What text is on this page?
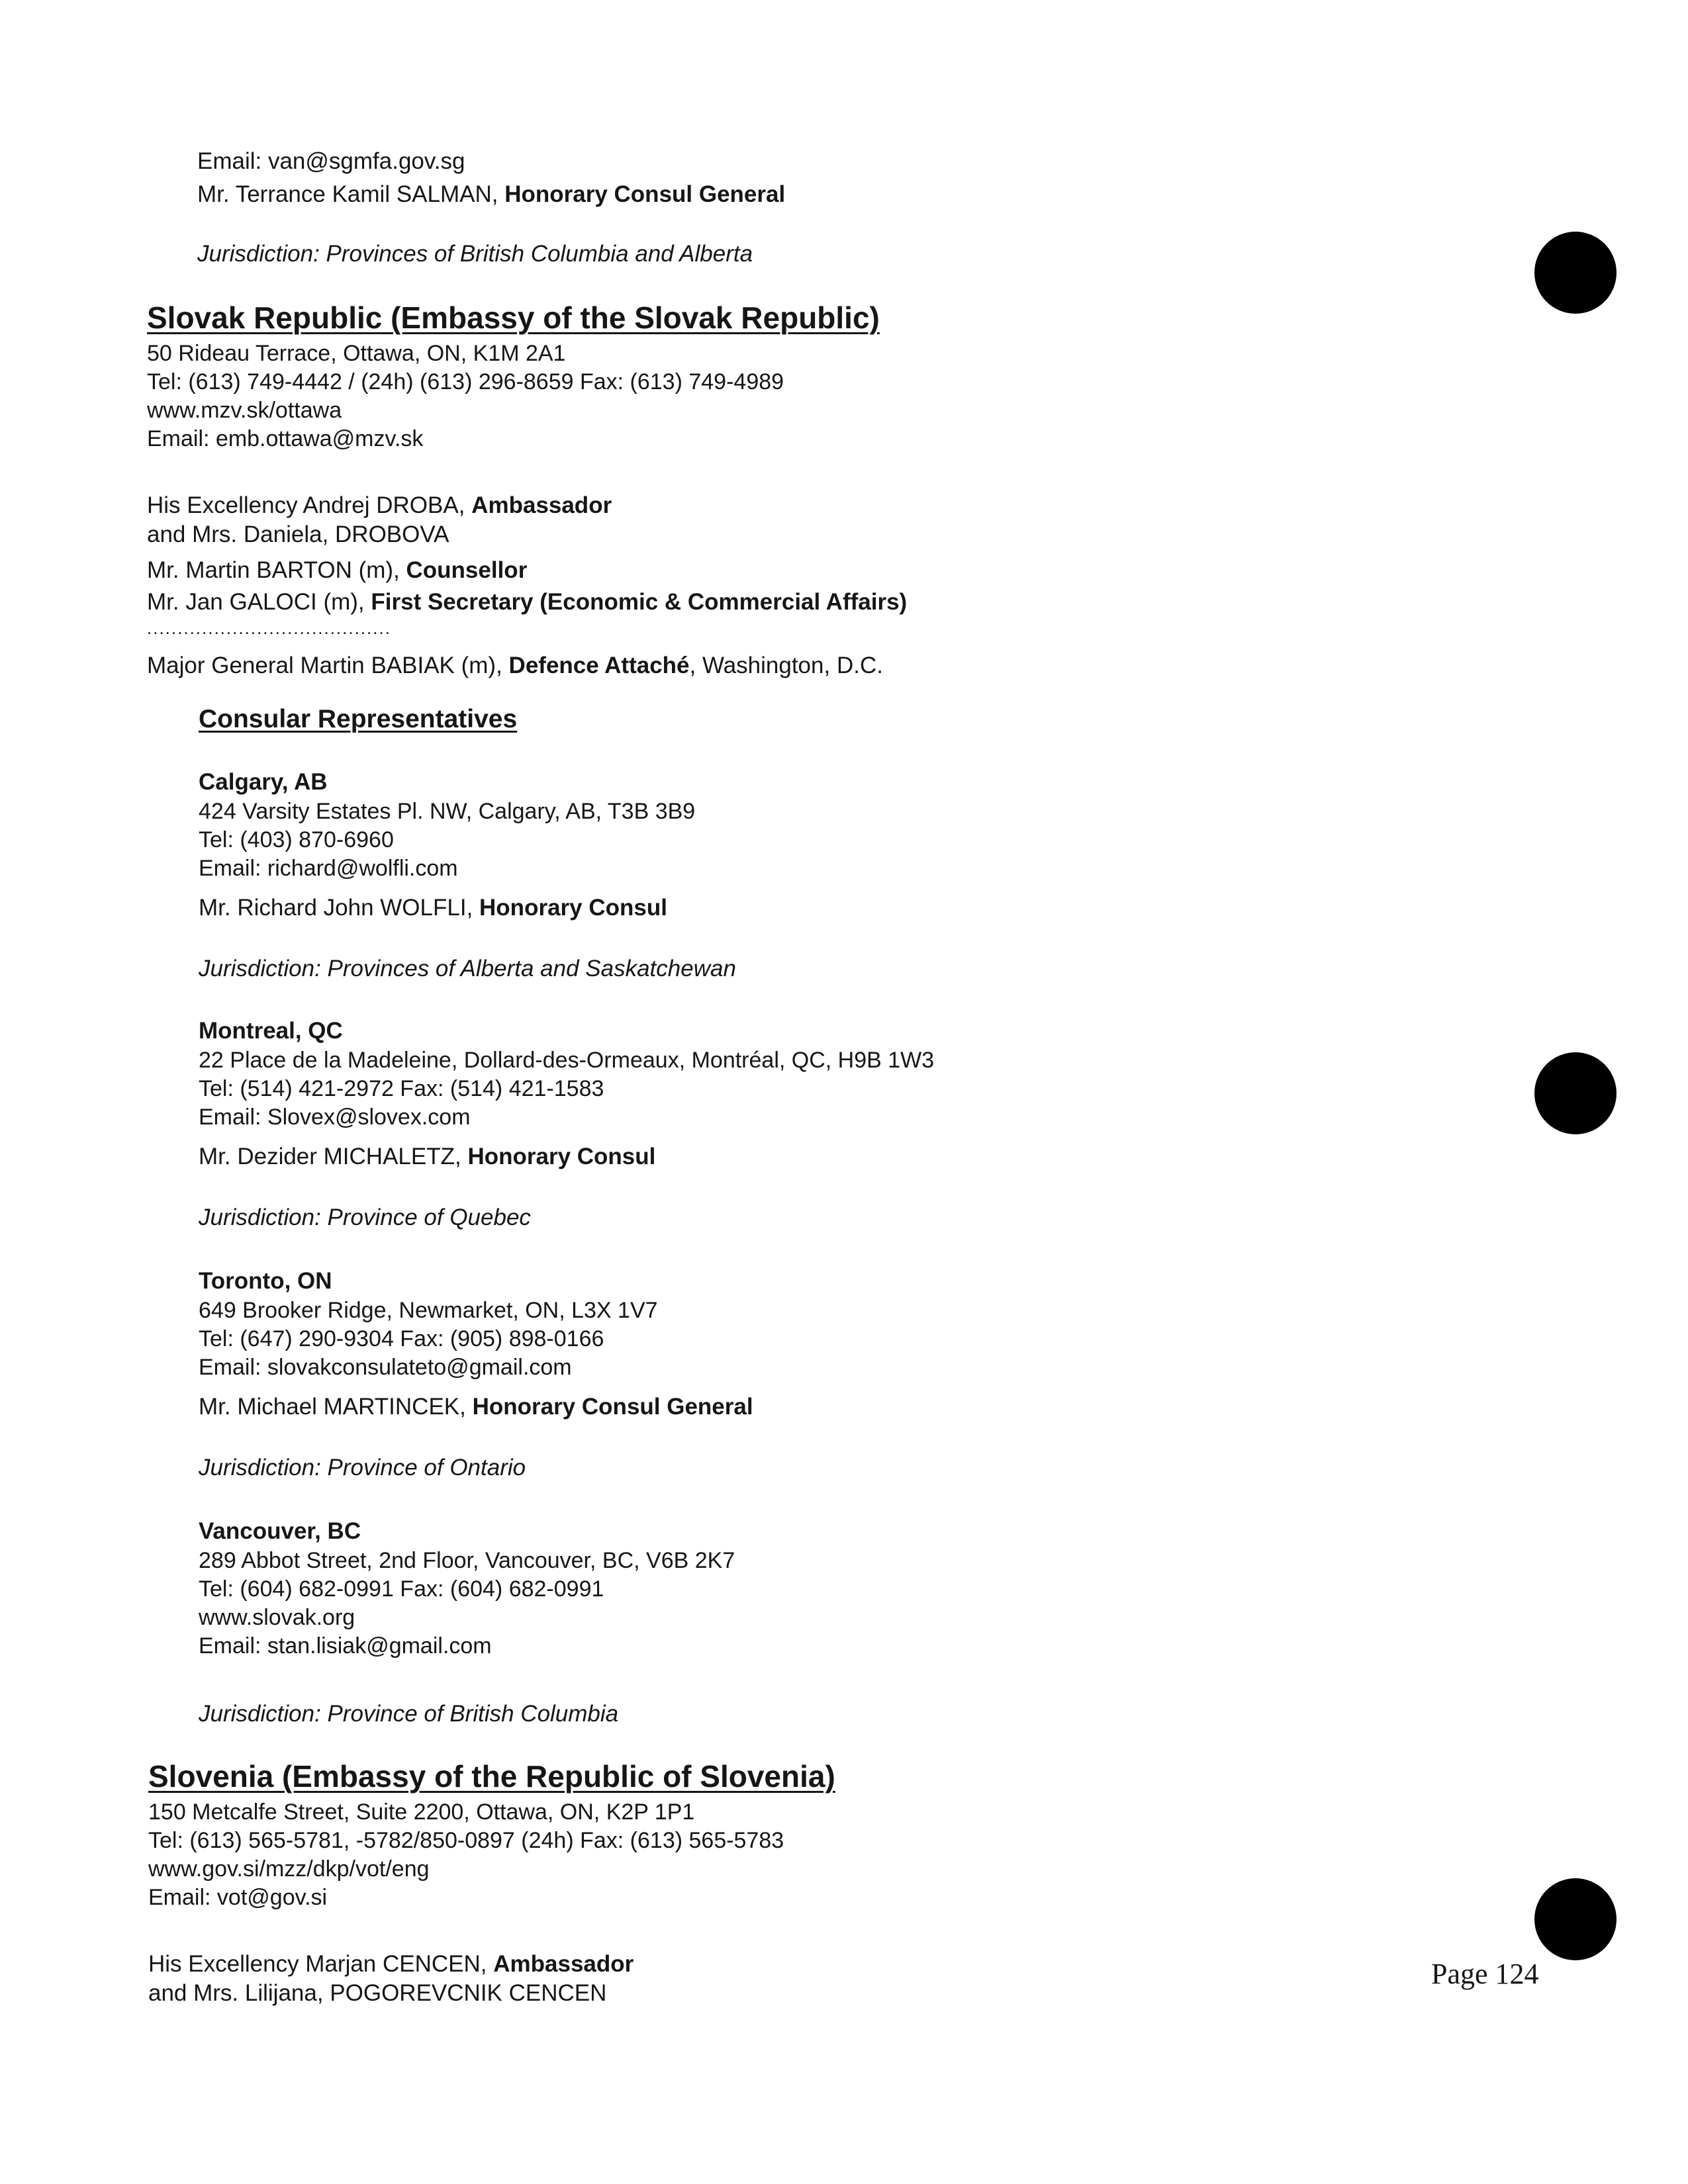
Email: van@sgmfa.gov.sg
Mr. Terrance Kamil SALMAN, Honorary Consul General
Jurisdiction: Provinces of British Columbia and Alberta
Slovak Republic (Embassy of the Slovak Republic)
50 Rideau Terrace, Ottawa, ON, K1M 2A1
Tel: (613) 749-4442 / (24h) (613) 296-8659 Fax: (613) 749-4989
www.mzv.sk/ottawa
Email: emb.ottawa@mzv.sk
His Excellency Andrej DROBA, Ambassador
and Mrs. Daniela, DROBOVA
Mr. Martin BARTON (m), Counsellor
Mr. Jan GALOCI (m), First Secretary (Economic & Commercial Affairs)
........................................
Major General Martin BABIAK (m), Defence Attaché, Washington, D.C.
Consular Representatives
Calgary, AB
424 Varsity Estates Pl. NW, Calgary, AB, T3B 3B9
Tel: (403) 870-6960
Email: richard@wolfli.com
Mr. Richard John WOLFLI, Honorary Consul
Jurisdiction: Provinces of Alberta and Saskatchewan
Montreal, QC
22 Place de la Madeleine, Dollard-des-Ormeaux, Montréal, QC, H9B 1W3
Tel: (514) 421-2972 Fax: (514) 421-1583
Email: Slovex@slovex.com
Mr. Dezider MICHALETZ, Honorary Consul
Jurisdiction: Province of Quebec
Toronto, ON
649 Brooker Ridge, Newmarket, ON, L3X 1V7
Tel: (647) 290-9304 Fax: (905) 898-0166
Email: slovakconsulateto@gmail.com
Mr. Michael MARTINCEK, Honorary Consul General
Jurisdiction: Province of Ontario
Vancouver, BC
289 Abbot Street, 2nd Floor, Vancouver, BC, V6B 2K7
Tel: (604) 682-0991 Fax: (604) 682-0991
www.slovak.org
Email: stan.lisiak@gmail.com
Jurisdiction: Province of British Columbia
Slovenia (Embassy of the Republic of Slovenia)
150 Metcalfe Street, Suite 2200, Ottawa, ON, K2P 1P1
Tel: (613) 565-5781, -5782/850-0897 (24h) Fax: (613) 565-5783
www.gov.si/mzz/dkp/vot/eng
Email: vot@gov.si
His Excellency Marjan CENCEN, Ambassador
and Mrs. Lilijana, POGOREVCNIK CENCEN
Page 124
